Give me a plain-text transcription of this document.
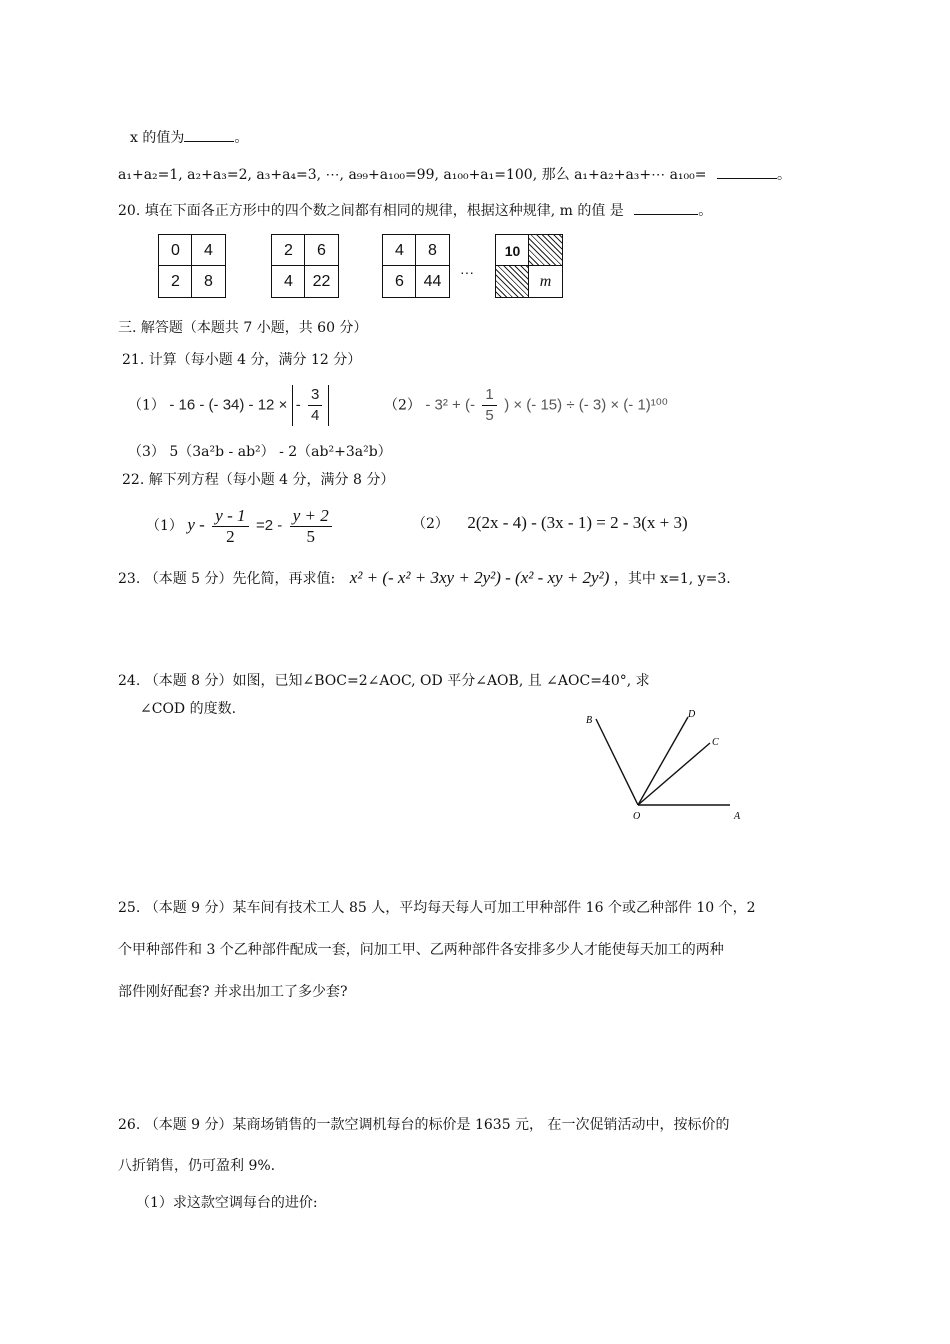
x 的值为	。
a₁+a₂=1, a₂+a₃=2, a₃+a₄=3, ⋯, a₉₉+a₁₀₀=99, a₁₀₀+a₁=100, 那么 a₁+a₂+a₃+⋯ a₁₀₀=	。
20. 填在下面各正方形中的四个数之间都有相同的规律，根据这种规律, m 的值 是	。
0	4
2	8
2	6
4	22
4	8
6	44
···
10
m
三. 解答题（本题共 7 小题，共 60 分）
21. 计算（每小题 4 分，满分 12 分）
（1） - 16 - (- 34) - 12 × - $\frac{3}{4}$	（2） - 3² + (- $\frac{1}{5}$ ) × (- 15) ÷ (- 3) × (- 1)¹⁰⁰
（3） 5（3a²b - ab²） - 2（ab²+3a²b）
22. 解下列方程（每小题 4 分，满分 8 分）
（1） $y - \frac{y - 1}{2} =2 - \frac{y + 2}{5}$	（2） 2(2x - 4) - (3x - 1) = 2 - 3(x + 3)
23. （本题 5 分）先化简，再求值: x² + (- x² + 3xy + 2y²) - (x² - xy + 2y²) ，其中 x=1, y=3.
24. （本题 8 分）如图，已知∠BOC=2∠AOC, OD 平分∠AOB, 且 ∠AOC=40°, 求
∠COD 的度数.
B
D
C
O	A
25. （本题 9 分）某车间有技术工人 85 人，平均每天每人可加工甲种部件 16 个或乙种部件 10 个，2
个甲种部件和 3 个乙种部件配成一套，问加工甲、乙两种部件各安排多少人才能使每天加工的两种
部件刚好配套? 并求出加工了多少套?
26. （本题 9 分）某商场销售的一款空调机每台的标价是 1635 元， 在一次促销活动中，按标价的
八折销售，仍可盈利 9%.
（1）求这款空调每台的进价:
